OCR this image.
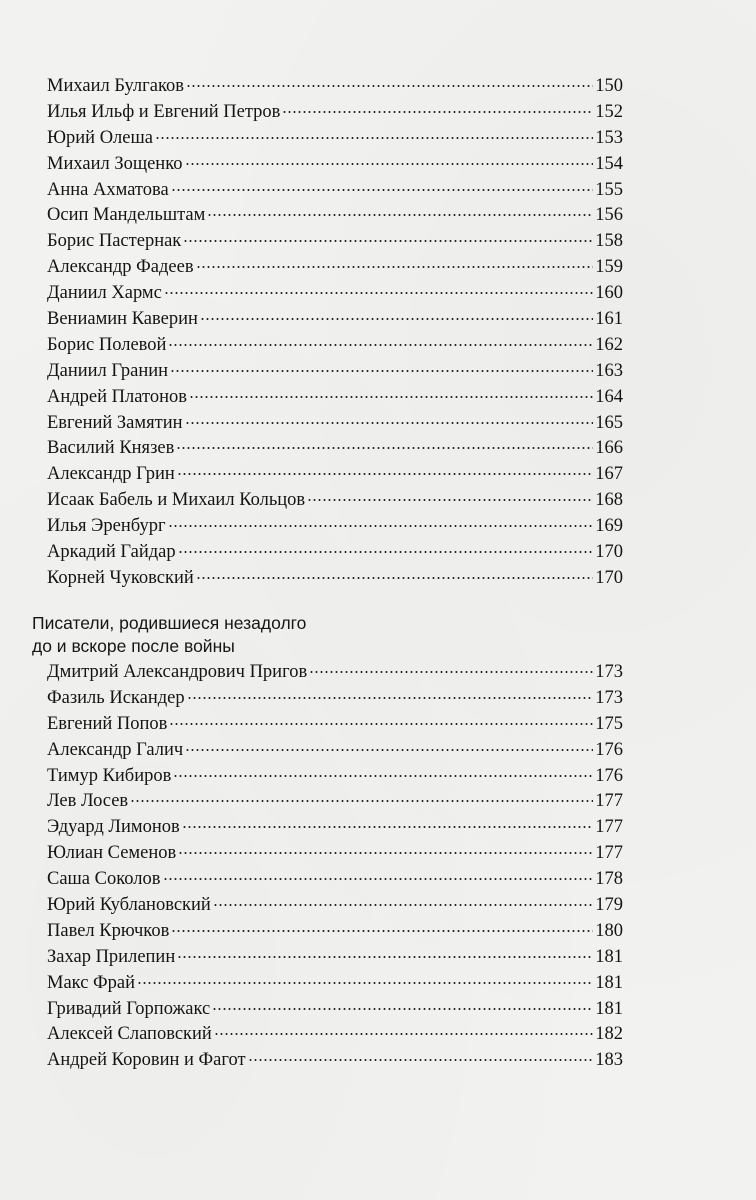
Михаил Булгаков	150
Илья Ильф и Евгений Петров	152
Юрий Олеша	153
Михаил Зощенко	154
Анна Ахматова	155
Осип Мандельштам	156
Борис Пастернак	158
Александр Фадеев	159
Даниил Хармс	160
Вениамин Каверин	161
Борис Полевой	162
Даниил Гранин	163
Андрей Платонов	164
Евгений Замятин	165
Василий Князев	166
Александр Грин	167
Исаак Бабель и Михаил Кольцов	168
Илья Эренбург	169
Аркадий Гайдар	170
Корней Чуковский	170
Писатели, родившиеся незадолго
до и вскоре после войны
Дмитрий Александрович Пригов	173
Фазиль Искандер	173
Евгений Попов	175
Александр Галич	176
Тимур Кибиров	176
Лев Лосев	177
Эдуард Лимонов	177
Юлиан Семенов	177
Саша Соколов	178
Юрий Кублановский	179
Павел Крючков	180
Захар Прилепин	181
Макс Фрай	181
Гривадий Горпожакс	181
Алексей Слаповский	182
Андрей Коровин и Фагот	183
